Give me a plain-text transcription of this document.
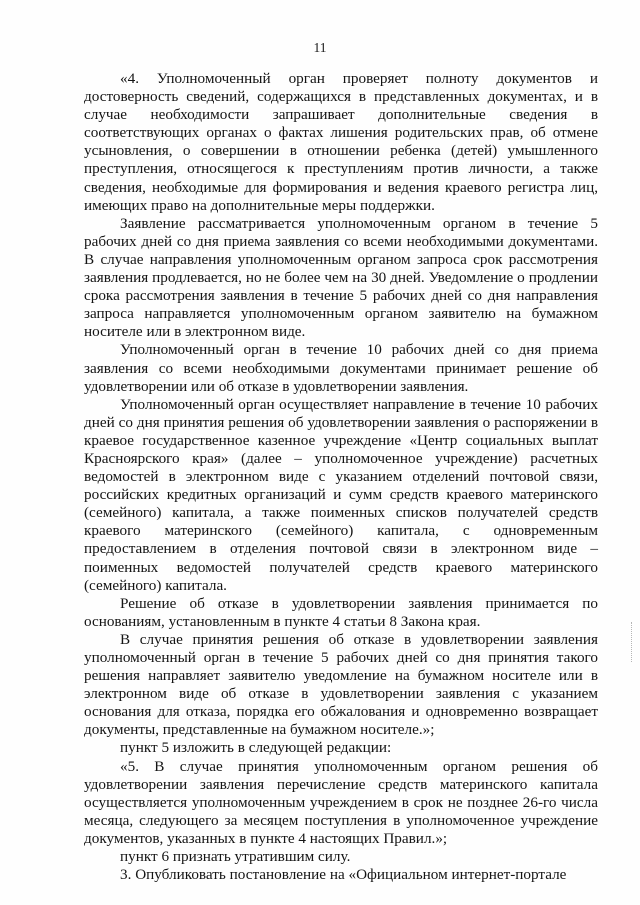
11

«4. Уполномоченный орган проверяет полноту документов и достоверность сведений, содержащихся в представленных документах, и в случае необходимости запрашивает дополнительные сведения в соответствующих органах о фактах лишения родительских прав, об отмене усыновления, о совершении в отношении ребенка (детей) умышленного преступления, относящегося к преступлениям против личности, а также сведения, необходимые для формирования и ведения краевого регистра лиц, имеющих право на дополнительные меры поддержки.

Заявление рассматривается уполномоченным органом в течение 5 рабочих дней со дня приема заявления со всеми необходимыми документами. В случае направления уполномоченным органом запроса срок рассмотрения заявления продлевается, но не более чем на 30 дней. Уведомление о продлении срока рассмотрения заявления в течение 5 рабочих дней со дня направления запроса направляется уполномоченным органом заявителю на бумажном носителе или в электронном виде.

Уполномоченный орган в течение 10 рабочих дней со дня приема заявления со всеми необходимыми документами принимает решение об удовлетворении или об отказе в удовлетворении заявления.

Уполномоченный орган осуществляет направление в течение 10 рабочих дней со дня принятия решения об удовлетворении заявления о распоряжении в краевое государственное казенное учреждение «Центр социальных выплат Красноярского края» (далее – уполномоченное учреждение) расчетных ведомостей в электронном виде с указанием отделений почтовой связи, российских кредитных организаций и сумм средств краевого материнского (семейного) капитала, а также поименных списков получателей средств краевого материнского (семейного) капитала, с одновременным предоставлением в отделения почтовой связи в электронном виде – поименных ведомостей получателей средств краевого материнского (семейного) капитала.

Решение об отказе в удовлетворении заявления принимается по основаниям, установленным в пункте 4 статьи 8 Закона края.

В случае принятия решения об отказе в удовлетворении заявления уполномоченный орган в течение 5 рабочих дней со дня принятия такого решения направляет заявителю уведомление на бумажном носителе или в электронном виде об отказе в удовлетворении заявления с указанием основания для отказа, порядка его обжалования и одновременно возвращает документы, представленные на бумажном носителе.»;

пункт 5 изложить в следующей редакции:

«5. В случае принятия уполномоченным органом решения об удовлетворении заявления перечисление средств материнского капитала осуществляется уполномоченным учреждением в срок не позднее 26-го числа месяца, следующего за месяцем поступления в уполномоченное учреждение документов, указанных в пункте 4 настоящих Правил.»;

пункт 6 признать утратившим силу.

3. Опубликовать постановление на «Официальном интернет-портале
